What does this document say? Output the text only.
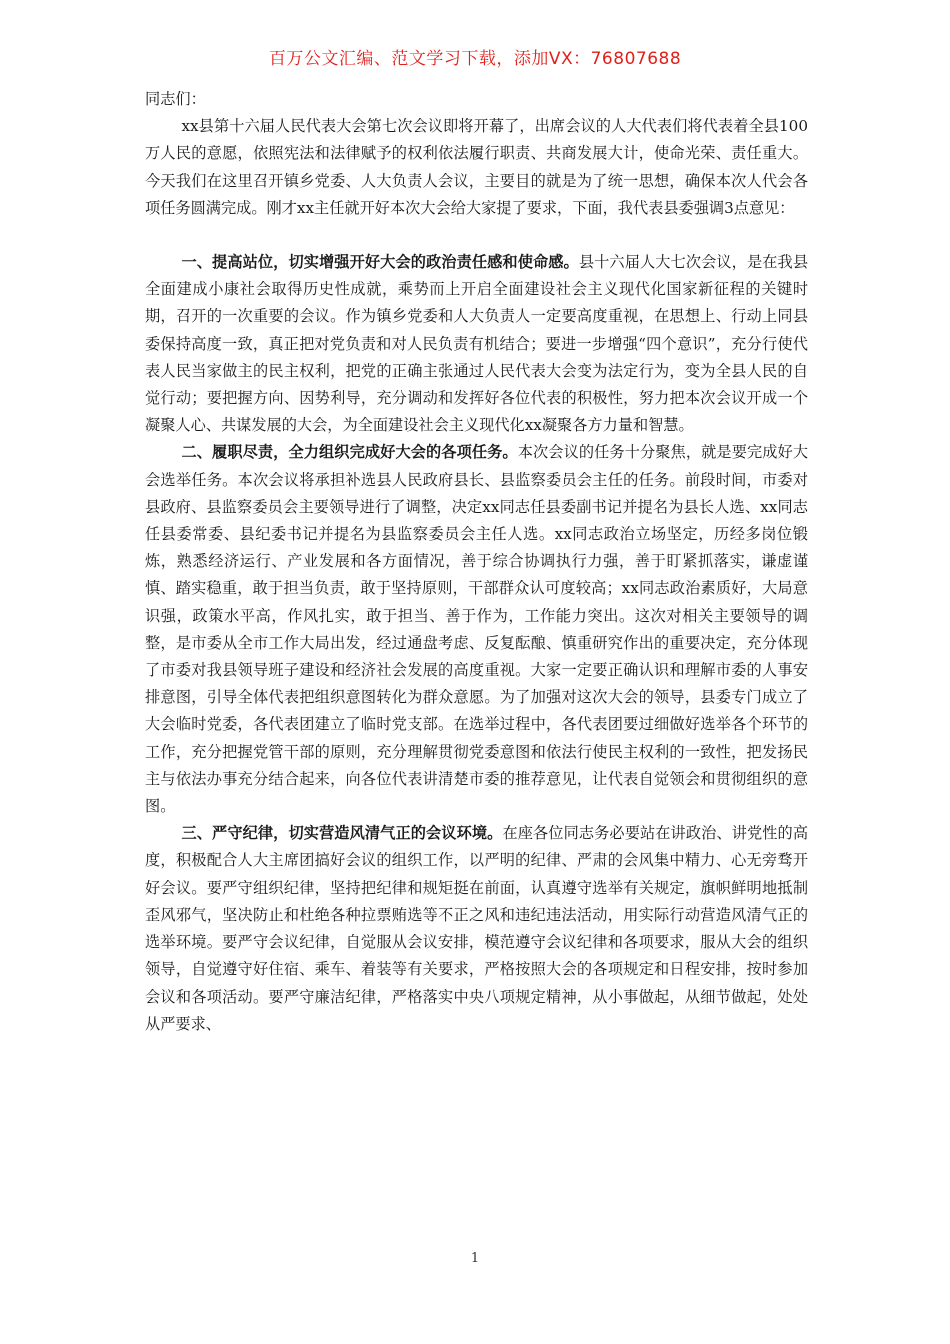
百万公文汇编、范文学习下载，添加VX：76807688

同志们：

xx县第十六届人民代表大会第七次会议即将开幕了，出席会议的人大代表们将代表着全县100万人民的意愿，依照宪法和法律赋予的权利依法履行职责、共商发展大计，使命光荣、责任重大。今天我们在这里召开镇乡党委、人大负责人会议，主要目的就是为了统一思想，确保本次人代会各项任务圆满完成。刚才xx主任就开好本次大会给大家提了要求，下面，我代表县委强调3点意见：

一、提高站位，切实增强开好大会的政治责任感和使命感。县十六届人大七次会议，是在我县全面建成小康社会取得历史性成就，乘势而上开启全面建设社会主义现代化国家新征程的关键时期，召开的一次重要的会议。作为镇乡党委和人大负责人一定要高度重视，在思想上、行动上同县委保持高度一致，真正把对党负责和对人民负责有机结合；要进一步增强“四个意识”，充分行使代表人民当家做主的民主权利，把党的正确主张通过人民代表大会变为法定行为，变为全县人民的自觉行动；要把握方向、因势利导，充分调动和发挥好各位代表的积极性，努力把本次会议开成一个凝聚人心、共谋发展的大会，为全面建设社会主义现代化xx凝聚各方力量和智慧。

二、履职尽责，全力组织完成好大会的各项任务。本次会议的任务十分聚焦，就是要完成好大会选举任务。本次会议将承担补选县人民政府县长、县监察委员会主任的任务。前段时间，市委对县政府、县监察委员会主要领导进行了调整，决定xx同志任县委副书记并提名为县长人选、xx同志任县委常委、县纪委书记并提名为县监察委员会主任人选。xx同志政治立场坚定，历经多岗位锻炼，熟悉经济运行、产业发展和各方面情况，善于综合协调执行力强，善于盯紧抓落实，谦虚谨慎、踏实稳重，敢于担当负责，敢于坚持原则，干部群众认可度较高；xx同志政治素质好，大局意识强，政策水平高，作风扎实，敢于担当、善于作为，工作能力突出。这次对相关主要领导的调整，是市委从全市工作大局出发，经过通盘考虑、反复酝酿、慎重研究作出的重要决定，充分体现了市委对我县领导班子建设和经济社会发展的高度重视。大家一定要正确认识和理解市委的人事安排意图，引导全体代表把组织意图转化为群众意愿。为了加强对这次大会的领导，县委专门成立了大会临时党委，各代表团建立了临时党支部。在选举过程中，各代表团要过细做好选举各个环节的工作，充分把握党管干部的原则，充分理解贯彻党委意图和依法行使民主权利的一致性，把发扬民主与依法办事充分结合起来，向各位代表讲清楚市委的推荐意见，让代表自觉领会和贯彻组织的意图。

三、严守纪律，切实营造风清气正的会议环境。在座各位同志务必要站在讲政治、讲党性的高度，积极配合人大主席团搞好会议的组织工作，以严明的纪律、严肃的会风集中精力、心无旁骛开好会议。要严守组织纪律，坚持把纪律和规矩挺在前面，认真遵守选举有关规定，旗帜鲜明地抵制歪风邪气，坚决防止和杜绝各种拉票贿选等不正之风和违纪违法活动，用实际行动营造风清气正的选举环境。要严守会议纪律，自觉服从会议安排，模范遵守会议纪律和各项要求，服从大会的组织领导，自觉遵守好住宿、乘车、着装等有关要求，严格按照大会的各项规定和日程安排，按时参加会议和各项活动。要严守廉洁纪律，严格落实中央八项规定精神，从小事做起，从细节做起，处处从严要求、

1
